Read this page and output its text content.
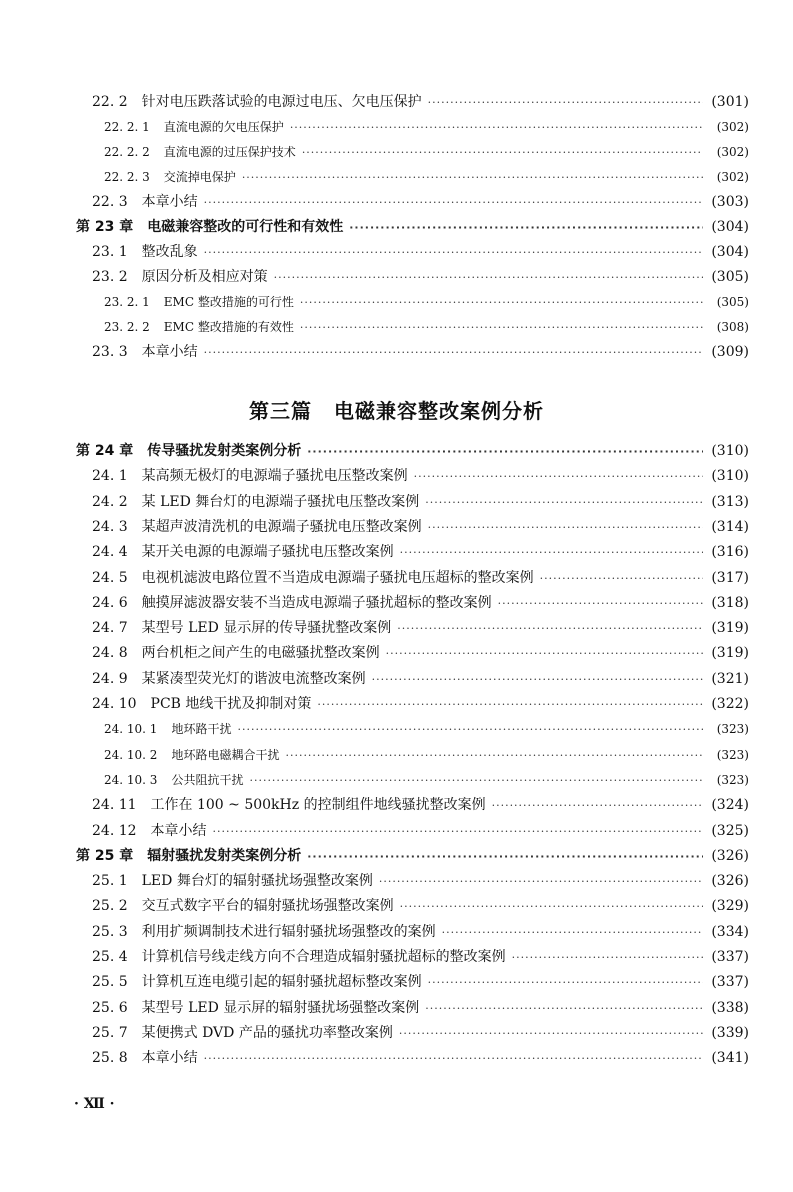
22. 2 针对电压跌落试验的电源过电压、欠电压保护 ·····	(301)
22. 2. 1 直流电源的欠电压保护 ·····	(302)
22. 2. 2 直流电源的过压保护技术 ·····	(302)
22. 2. 3 交流掉电保护 ·····	(302)
22. 3 本章小结 ·····	(303)
第 23 章 电磁兼容整改的可行性和有效性 ·····	(304)
23. 1 整改乱象 ·····	(304)
23. 2 原因分析及相应对策 ·····	(305)
23. 2. 1 EMC 整改措施的可行性 ·····	(305)
23. 2. 2 EMC 整改措施的有效性 ·····	(308)
23. 3 本章小结 ·····	(309)
第三篇 电磁兼容整改案例分析
第 24 章 传导骚扰发射类案例分析 ·····	(310)
24. 1 某高频无极灯的电源端子骚扰电压整改案例 ·····	(310)
24. 2 某 LED 舞台灯的电源端子骚扰电压整改案例 ·····	(313)
24. 3 某超声波清洗机的电源端子骚扰电压整改案例 ·····	(314)
24. 4 某开关电源的电源端子骚扰电压整改案例 ·····	(316)
24. 5 电视机滤波电路位置不当造成电源端子骚扰电压超标的整改案例 ·····	(317)
24. 6 触摸屏滤波器安装不当造成电源端子骚扰超标的整改案例 ·····	(318)
24. 7 某型号 LED 显示屏的传导骚扰整改案例 ·····	(319)
24. 8 两台机柜之间产生的电磁骚扰整改案例 ·····	(319)
24. 9 某紧凑型荧光灯的谐波电流整改案例 ·····	(321)
24. 10 PCB 地线干扰及抑制对策 ·····	(322)
24. 10. 1 地环路干扰 ·····	(323)
24. 10. 2 地环路电磁耦合干扰 ·····	(323)
24. 10. 3 公共阻抗干扰 ·····	(323)
24. 11 工作在 100 ~ 500kHz 的控制组件地线骚扰整改案例 ·····	(324)
24. 12 本章小结 ·····	(325)
第 25 章 辐射骚扰发射类案例分析 ·····	(326)
25. 1 LED 舞台灯的辐射骚扰场强整改案例 ·····	(326)
25. 2 交互式数字平台的辐射骚扰场强整改案例 ·····	(329)
25. 3 利用扩频调制技术进行辐射骚扰场强整改的案例 ·····	(334)
25. 4 计算机信号线走线方向不合理造成辐射骚扰超标的整改案例 ·····	(337)
25. 5 计算机互连电缆引起的辐射骚扰超标整改案例 ·····	(337)
25. 6 某型号 LED 显示屏的辐射骚扰场强整改案例 ·····	(338)
25. 7 某便携式 DVD 产品的骚扰功率整改案例 ·····	(339)
25. 8 本章小结 ·····	(341)
· Ⅻ ·
